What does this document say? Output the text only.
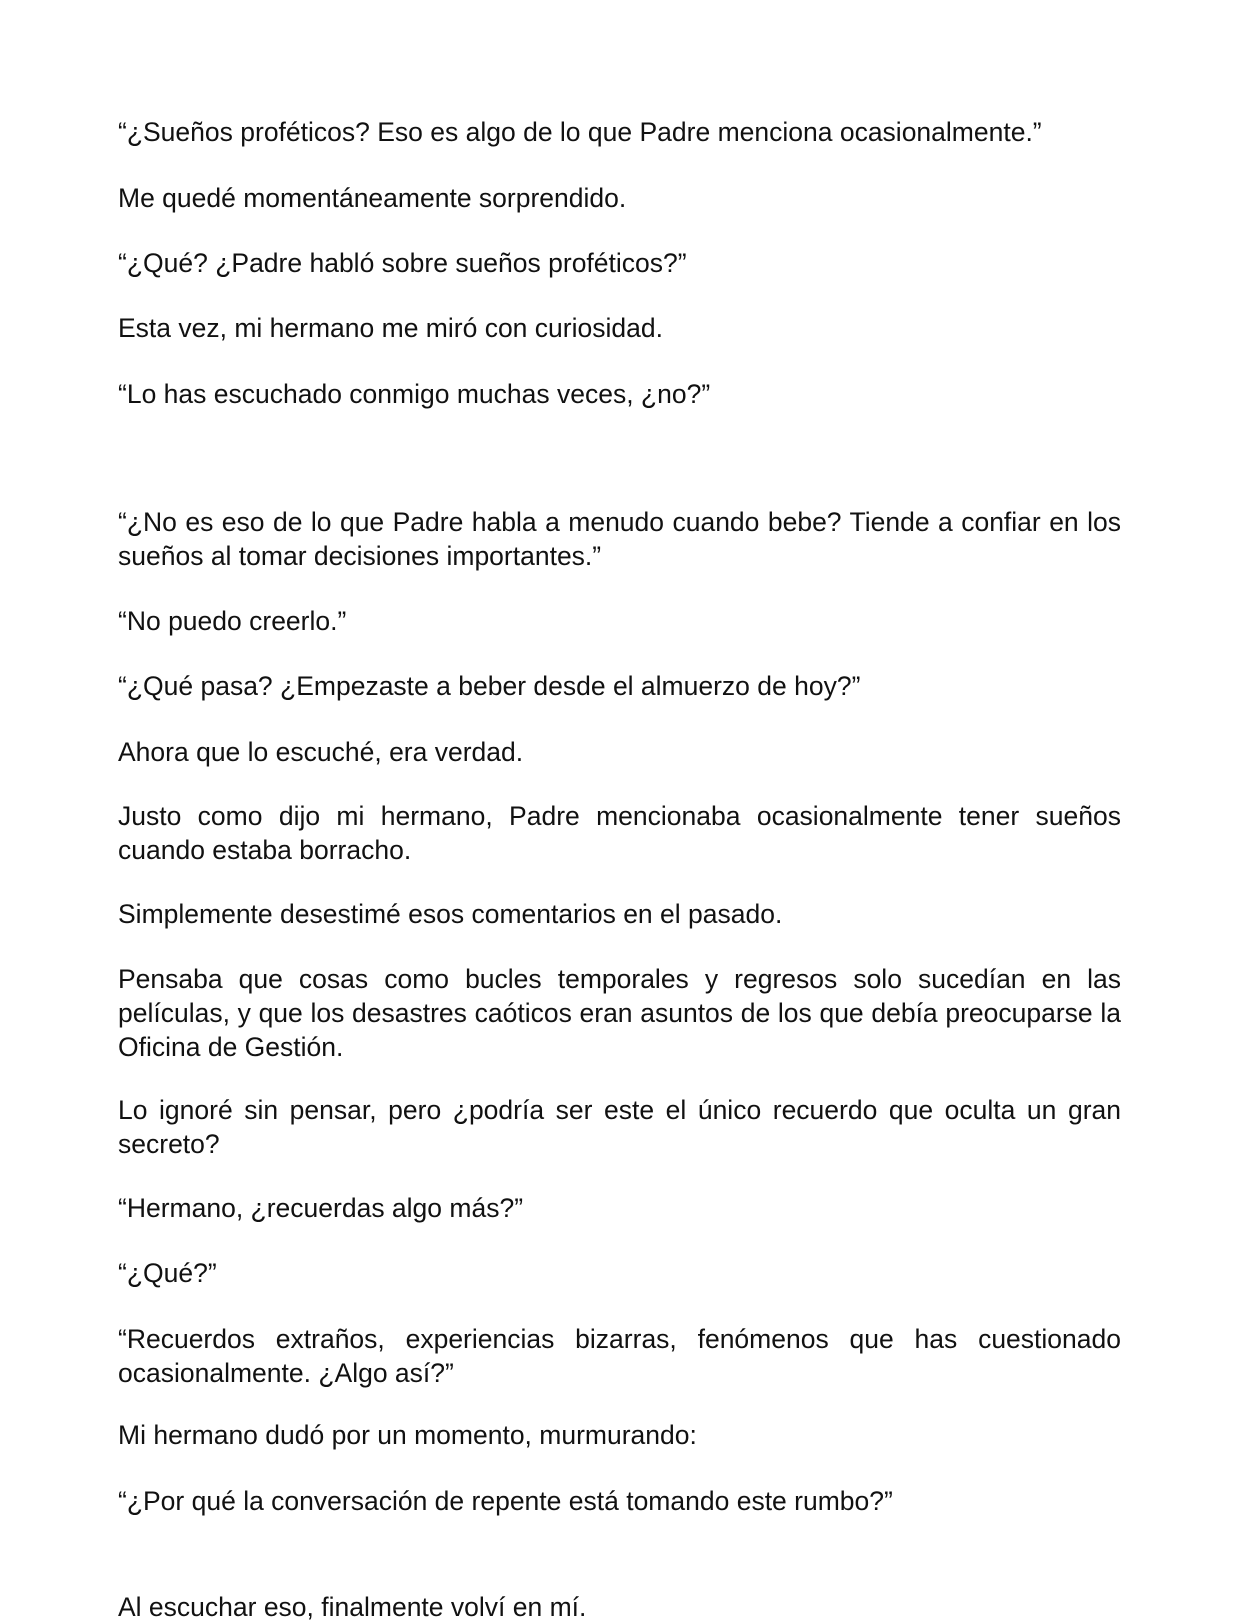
“¿Sueños proféticos? Eso es algo de lo que Padre menciona ocasionalmente.”

Me quedé momentáneamente sorprendido.

“¿Qué? ¿Padre habló sobre sueños proféticos?”

Esta vez, mi hermano me miró con curiosidad.

“Lo has escuchado conmigo muchas veces, ¿no?”

“¿No es eso de lo que Padre habla a menudo cuando bebe? Tiende a confiar en los sueños al tomar decisiones importantes.”

“No puedo creerlo.”

“¿Qué pasa? ¿Empezaste a beber desde el almuerzo de hoy?”

Ahora que lo escuché, era verdad.

Justo como dijo mi hermano, Padre mencionaba ocasionalmente tener sueños cuando estaba borracho.

Simplemente desestimé esos comentarios en el pasado.

Pensaba que cosas como bucles temporales y regresos solo sucedían en las películas, y que los desastres caóticos eran asuntos de los que debía preocuparse la Oficina de Gestión.

Lo ignoré sin pensar, pero ¿podría ser este el único recuerdo que oculta un gran secreto?

“Hermano, ¿recuerdas algo más?”

“¿Qué?”

“Recuerdos extraños, experiencias bizarras, fenómenos que has cuestionado ocasionalmente. ¿Algo así?”

Mi hermano dudó por un momento, murmurando:

“¿Por qué la conversación de repente está tomando este rumbo?”

Al escuchar eso, finalmente volví en mí.
